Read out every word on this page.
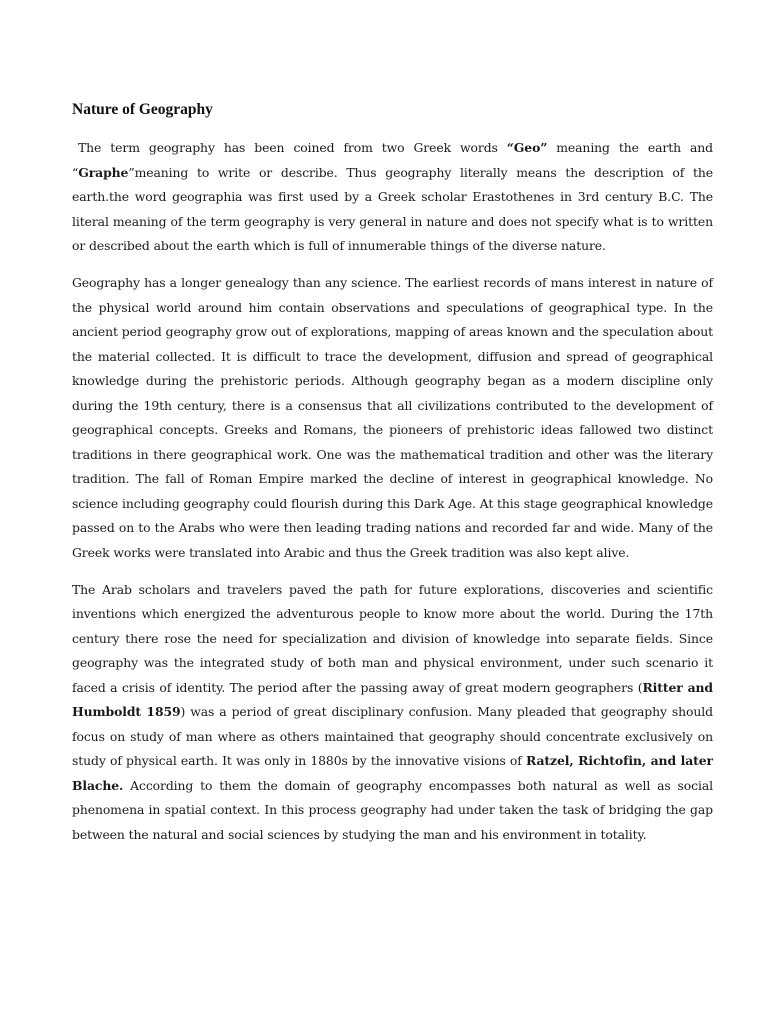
Nature of Geography

The term geography has been coined from two Greek words “Geo” meaning the earth and “Graphe”meaning to write or describe. Thus geography literally means the description of the earth.the word geographia was first used by a Greek scholar Erastothenes in 3rd century B.C. The literal meaning of the term geography is very general in nature and does not specify what is to written or described about the earth which is full of innumerable things of the diverse nature.

Geography has a longer genealogy than any science. The earliest records of mans interest in nature of the physical world around him contain observations and speculations of geographical type. In the ancient period geography grow out of explorations, mapping of areas known and the speculation about the material collected. It is difficult to trace the development, diffusion and spread of geographical knowledge during the prehistoric periods. Although geography began as a modern discipline only during the 19th century, there is a consensus that all civilizations contributed to the development of geographical concepts. Greeks and Romans, the pioneers of prehistoric ideas fallowed two distinct traditions in there geographical work. One was the mathematical tradition and other was the literary tradition. The fall of Roman Empire marked the decline of interest in geographical knowledge. No science including geography could flourish during this Dark Age. At this stage geographical knowledge passed on to the Arabs who were then leading trading nations and recorded far and wide. Many of the Greek works were translated into Arabic and thus the Greek tradition was also kept alive.

The Arab scholars and travelers paved the path for future explorations, discoveries and scientific inventions which energized the adventurous people to know more about the world. During the 17th century there rose the need for specialization and division of knowledge into separate fields. Since geography was the integrated study of both man and physical environment, under such scenario it faced a crisis of identity. The period after the passing away of great modern geographers (Ritter and Humboldt 1859) was a period of great disciplinary confusion. Many pleaded that geography should focus on study of man where as others maintained that geography should concentrate exclusively on study of physical earth. It was only in 1880s by the innovative visions of Ratzel, Richtofin, and later Blache. According to them the domain of geography encompasses both natural as well as social phenomena in spatial context. In this process geography had under taken the task of bridging the gap between the natural and social sciences by studying the man and his environment in totality.
